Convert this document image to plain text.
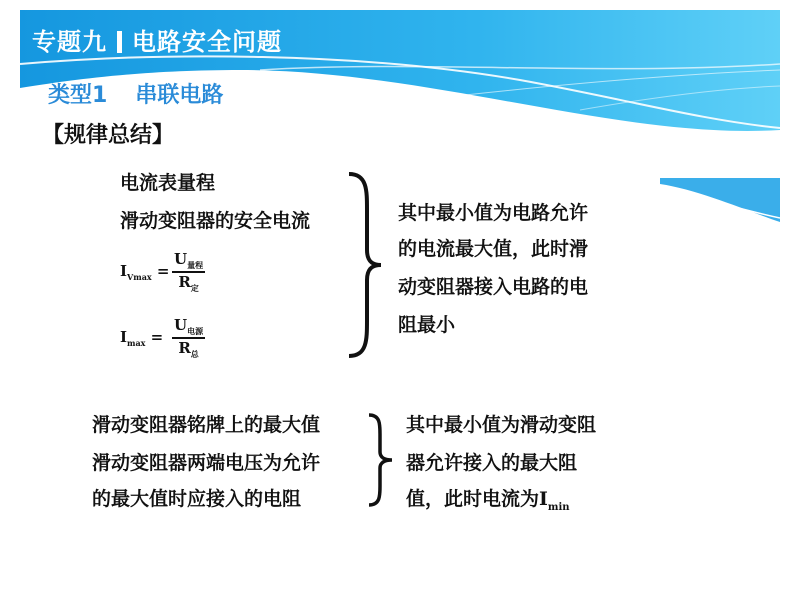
专题九 电路安全问题
类型1 串联电路
【规律总结】
电流表量程
滑动变阻器的安全电流
$I_{Vmax}$ =
$U_{量程}$
$R_定$
$I_{max}$ =
$U_{电源}$
$R_总$
其中最小值为电路允许
的电流最大值，此时滑
动变阻器接入电路的电
阻最小
滑动变阻器铭牌上的最大值
滑动变阻器两端电压为允许
的最大值时应接入的电阻
其中最小值为滑动变阻
器允许接入的最大阻
值，此时电流为$I_{min}$
